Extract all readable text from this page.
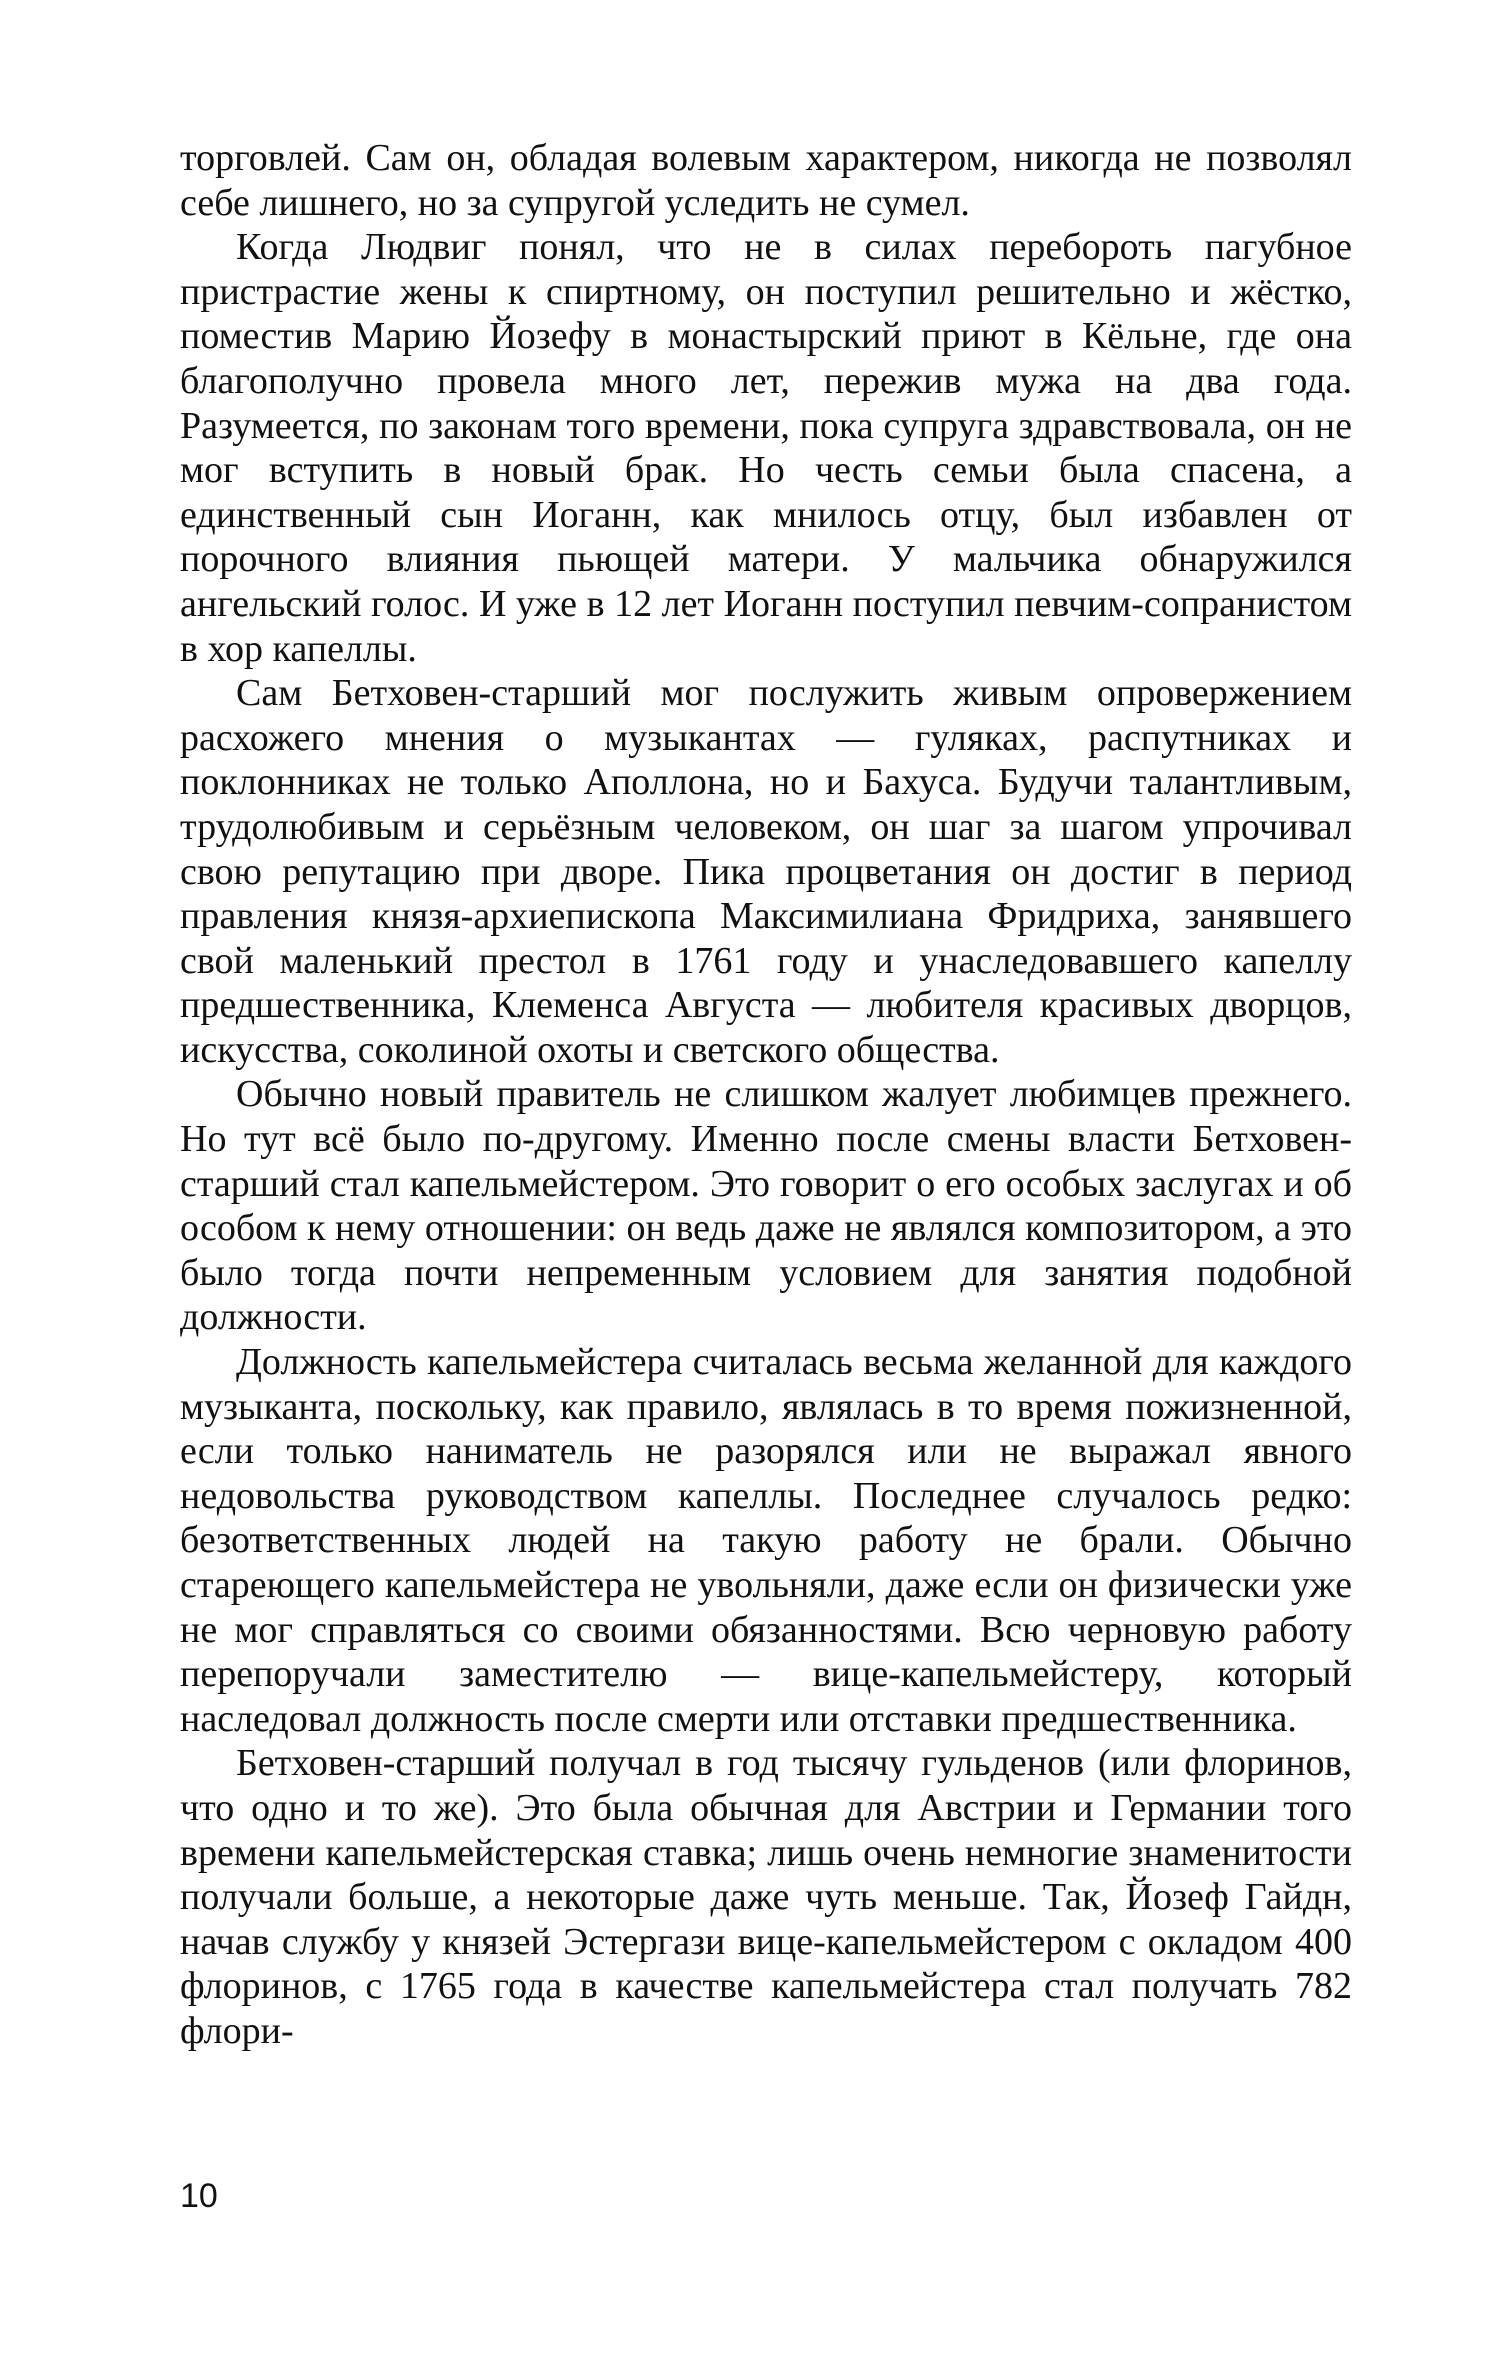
торговлей. Сам он, обладая волевым характером, никогда не позволял себе лишнего, но за супругой уследить не сумел.

Когда Людвиг понял, что не в силах перебороть пагубное пристрастие жены к спиртному, он поступил решительно и жёстко, поместив Марию Йозефу в монастырский приют в Кёльне, где она благополучно провела много лет, пережив мужа на два года. Разумеется, по законам того времени, пока супруга здравствовала, он не мог вступить в новый брак. Но честь семьи была спасена, а единственный сын Иоганн, как мнилось отцу, был избавлен от порочного влияния пьющей матери. У мальчика обнаружился ангельский голос. И уже в 12 лет Иоганн поступил певчим-сопранистом в хор капеллы.

Сам Бетховен-старший мог послужить живым опровержением расхожего мнения о музыкантах — гуляках, распутниках и поклонниках не только Аполлона, но и Бахуса. Будучи талантливым, трудолюбивым и серьёзным человеком, он шаг за шагом упрочивал свою репутацию при дворе. Пика процветания он достиг в период правления князя-архиепископа Максимилиана Фридриха, занявшего свой маленький престол в 1761 году и унаследовавшего капеллу предшественника, Клеменса Августа — любителя красивых дворцов, искусства, соколиной охоты и светского общества.

Обычно новый правитель не слишком жалует любимцев прежнего. Но тут всё было по-другому. Именно после смены власти Бетховен-старший стал капельмейстером. Это говорит о его особых заслугах и об особом к нему отношении: он ведь даже не являлся композитором, а это было тогда почти непременным условием для занятия подобной должности.

Должность капельмейстера считалась весьма желанной для каждого музыканта, поскольку, как правило, являлась в то время пожизненной, если только наниматель не разорялся или не выражал явного недовольства руководством капеллы. Последнее случалось редко: безответственных людей на такую работу не брали. Обычно стареющего капельмейстера не увольняли, даже если он физически уже не мог справляться со своими обязанностями. Всю черновую работу перепоручали заместителю — вице-капельмейстеру, который наследовал должность после смерти или отставки предшественника.

Бетховен-старший получал в год тысячу гульденов (или флоринов, что одно и то же). Это была обычная для Австрии и Германии того времени капельмейстерская ставка; лишь очень немногие знаменитости получали больше, а некоторые даже чуть меньше. Так, Йозеф Гайдн, начав службу у князей Эстергази вице-капельмейстером с окладом 400 флоринов, с 1765 года в качестве капельмейстера стал получать 782 флори-

10
